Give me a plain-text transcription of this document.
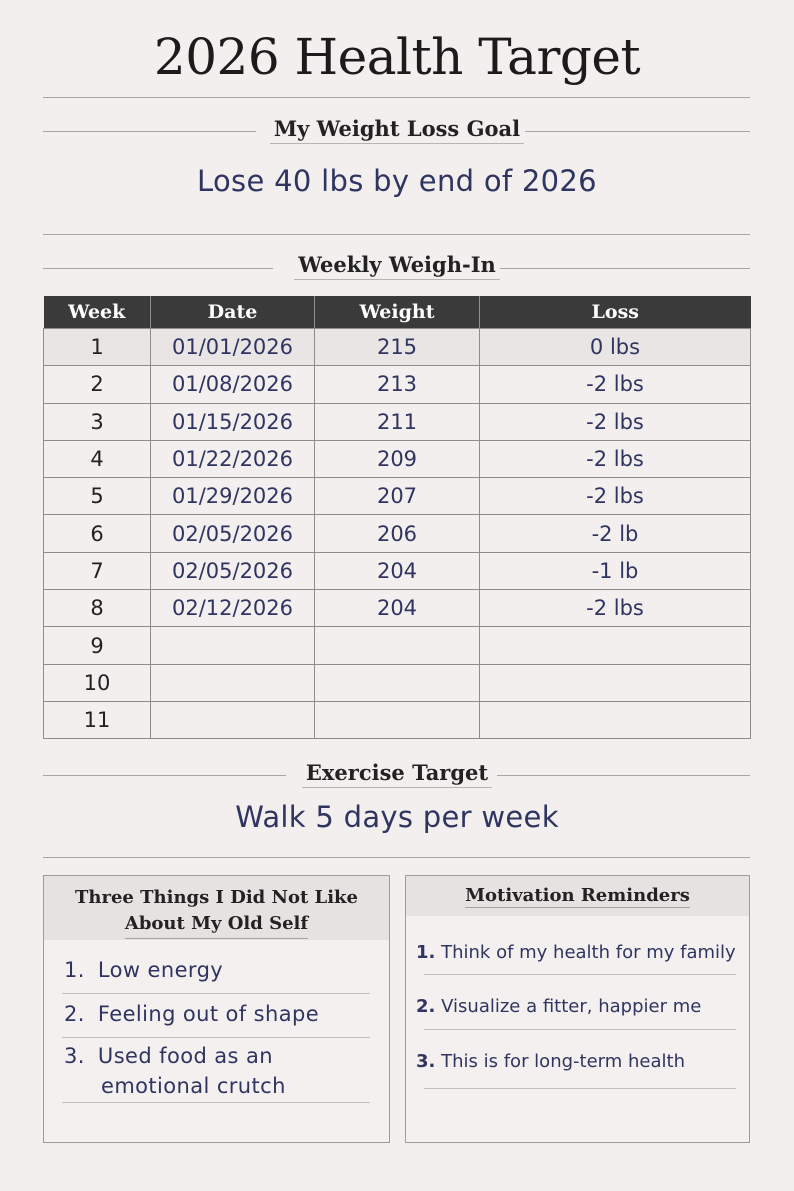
2026 Health Target
My Weight Loss Goal
Lose 40 lbs by end of 2026
Weekly Weigh-In
Week	Date	Weight	Loss
1	01/01/2026	215	0 lbs
2	01/08/2026	213	-2 lbs
3	01/15/2026	211	-2 lbs
4	01/22/2026	209	-2 lbs
5	01/29/2026	207	-2 lbs
6	02/05/2026	206	-2 lb
7	02/05/2026	204	-1 lb
8	02/12/2026	204	-2 lbs
9			
10			
11			
Exercise Target
Walk 5 days per week
Three Things I Did Not Like
About My Old Self
1. Low energy
2. Feeling out of shape
3. Used food as an
emotional crutch
Motivation Reminders
1. Think of my health for my family
2. Visualize a fitter, happier me
3. This is for long-term health
